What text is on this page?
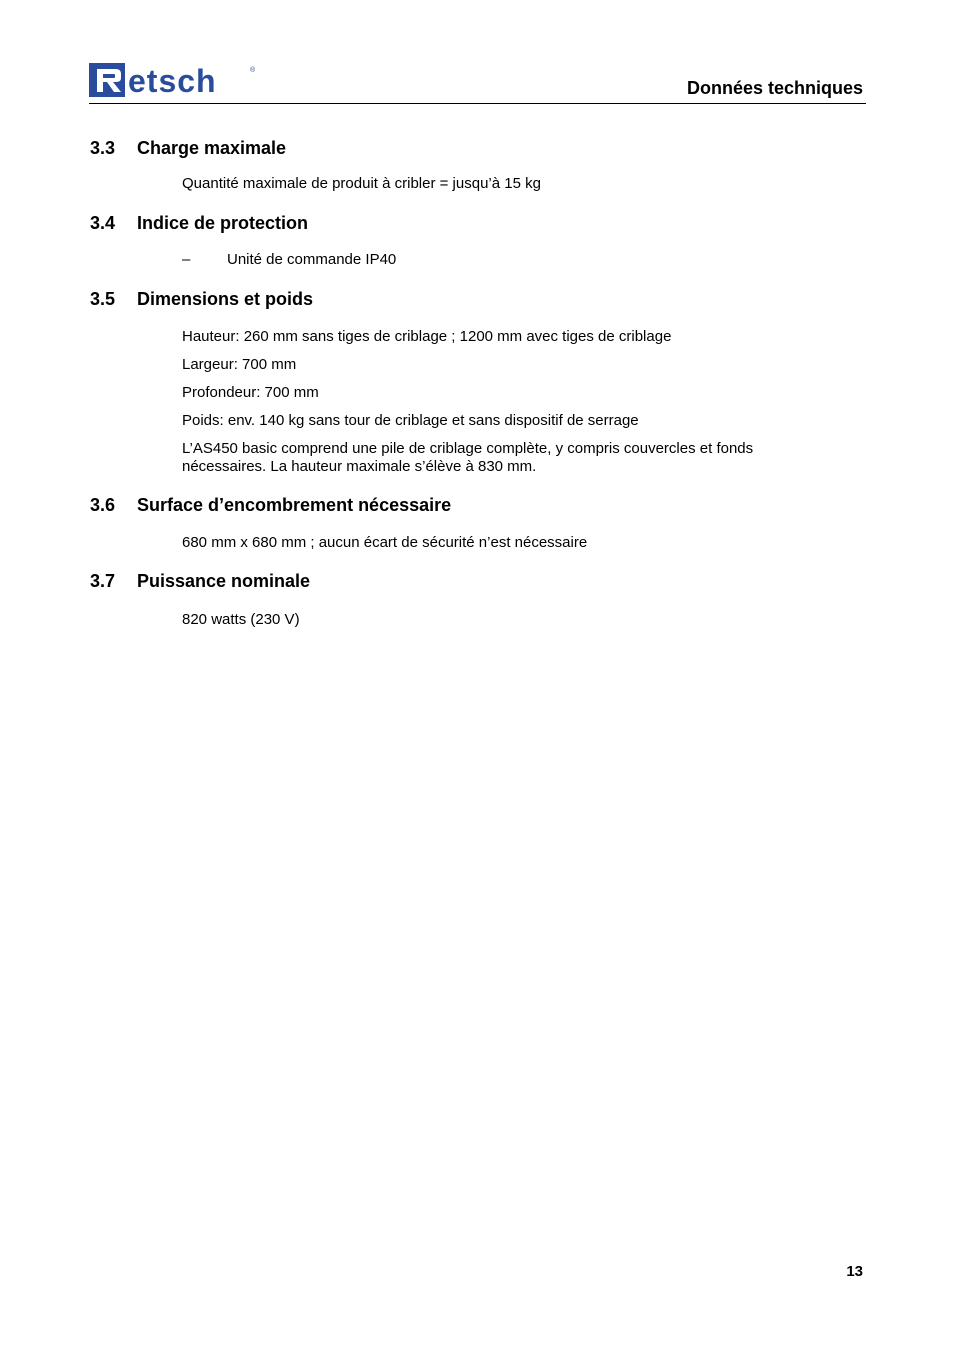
etsch	®
Données techniques
3.3 Charge maximale

Quantité maximale de produit à cribler = jusqu’à 15 kg

3.4 Indice de protection
–	Unité de commande IP40
3.5 Dimensions et poids

Hauteur: 260 mm sans tiges de criblage ; 1200 mm avec tiges de criblage

Largeur: 700 mm

Profondeur: 700 mm

Poids: env. 140 kg sans tour de criblage et sans dispositif de serrage

L’AS450 basic comprend une pile de criblage complète, y compris couvercles et fonds nécessaires. La hauteur maximale s’élève à 830 mm.

3.6 Surface d’encombrement nécessaire

680 mm x 680 mm ; aucun écart de sécurité n’est nécessaire

3.7 Puissance nominale

820 watts (230 V)

13
